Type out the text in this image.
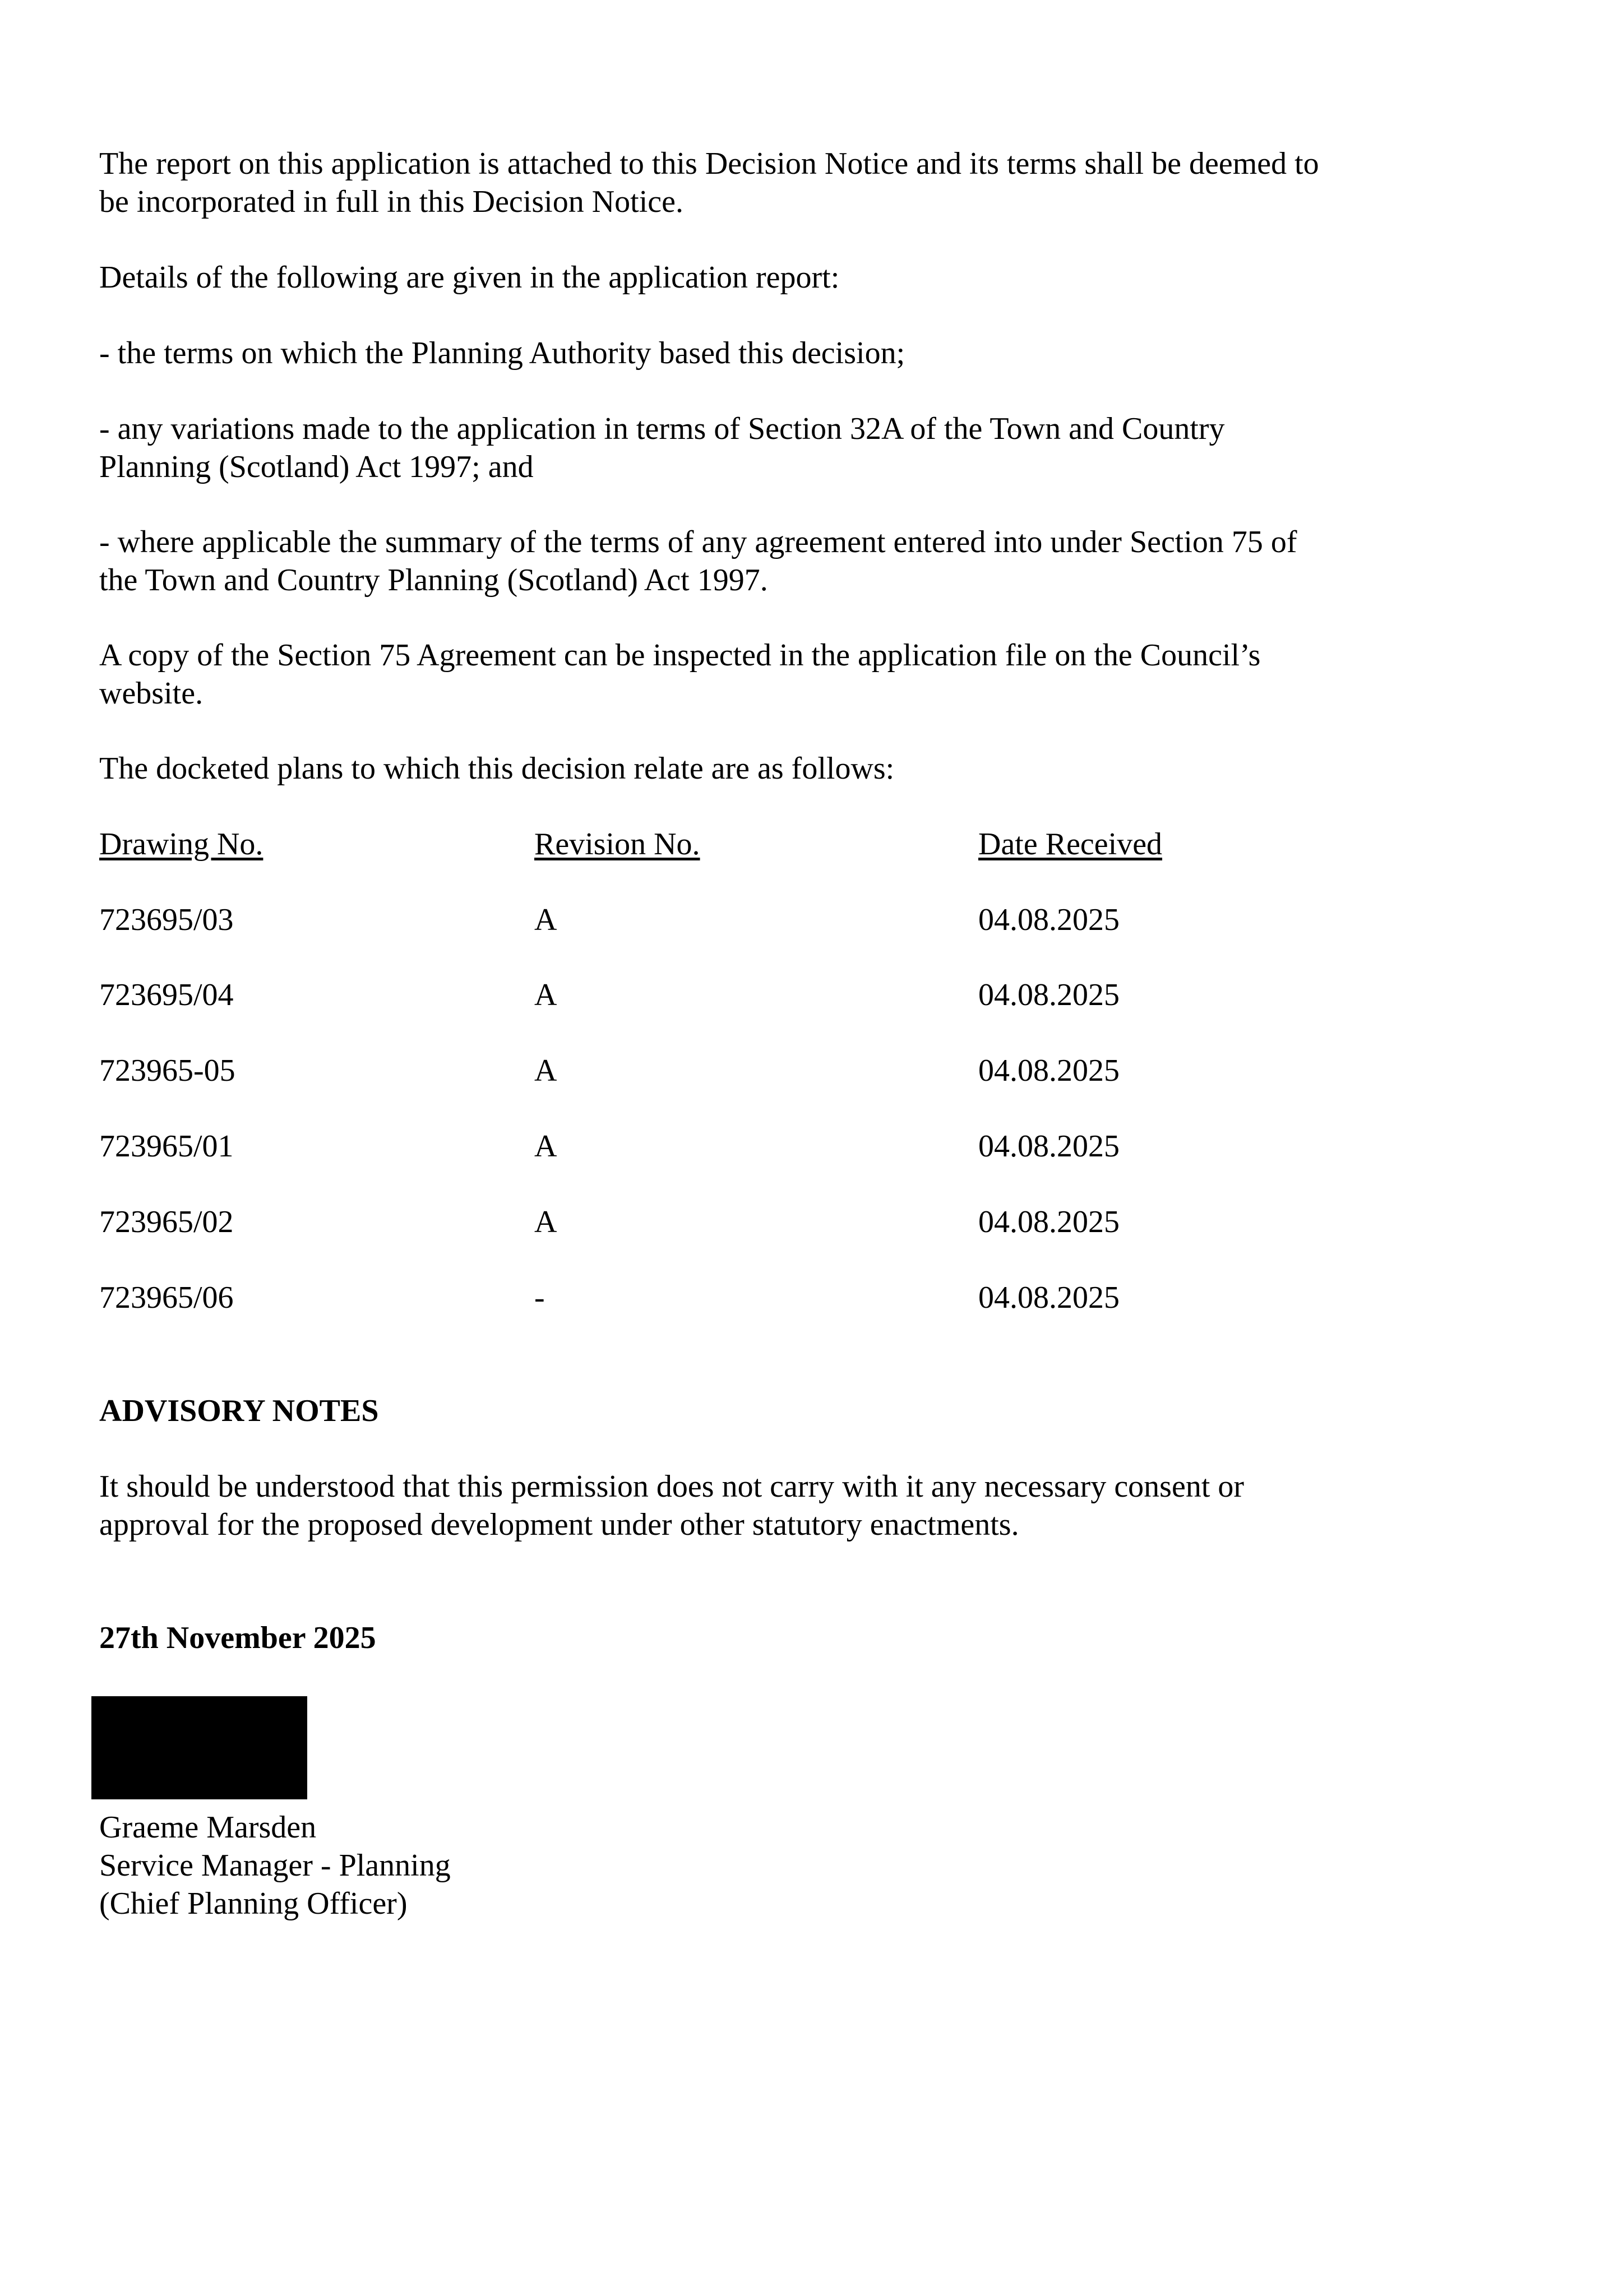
The report on this application is attached to this Decision Notice and its terms shall be deemed to

be incorporated in full in this Decision Notice.

Details of the following are given in the application report:

- the terms on which the Planning Authority based this decision;

- any variations made to the application in terms of Section 32A of the Town and Country

Planning (Scotland) Act 1997; and

- where applicable the summary of the terms of any agreement entered into under Section 75 of

the Town and Country Planning (Scotland) Act 1997.

A copy of the Section 75 Agreement can be inspected in the application file on the Council’s

website.

The docketed plans to which this decision relate are as follows:

Drawing No.	Revision No.	Date Received

723695/03	A	04.08.2025

723695/04	A	04.08.2025

723965-05	A	04.08.2025

723965/01	A	04.08.2025

723965/02	A	04.08.2025

723965/06	-	04.08.2025

ADVISORY NOTES

It should be understood that this permission does not carry with it any necessary consent or

approval for the proposed development under other statutory enactments.

27th November 2025

Graeme Marsden

Service Manager - Planning

(Chief Planning Officer)
